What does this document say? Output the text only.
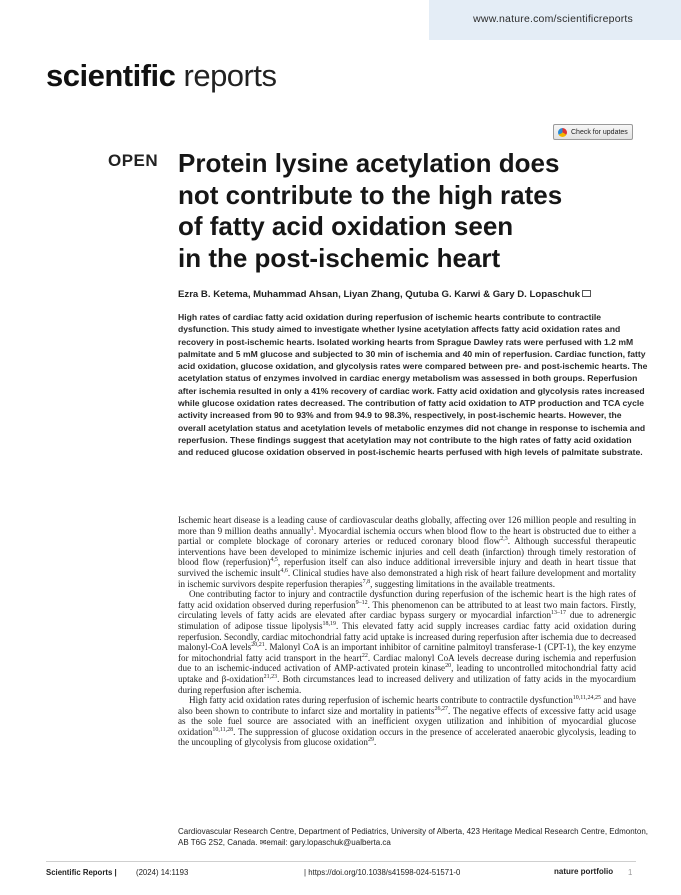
www.nature.com/scientificreports
scientific reports
Check for updates
OPEN Protein lysine acetylation does
not contribute to the high rates
of fatty acid oxidation seen
in the post-ischemic heart
Ezra B. Ketema, Muhammad Ahsan, Liyan Zhang, Qutuba G. Karwi & Gary D. Lopaschuk

High rates of cardiac fatty acid oxidation during reperfusion of ischemic hearts contribute to contractile dysfunction. This study aimed to investigate whether lysine acetylation affects fatty acid oxidation rates and recovery in post-ischemic hearts. Isolated working hearts from Sprague Dawley rats were perfused with 1.2 mM palmitate and 5 mM glucose and subjected to 30 min of ischemia and 40 min of reperfusion. Cardiac function, fatty acid oxidation, glucose oxidation, and glycolysis rates were compared between pre- and post-ischemic hearts. The acetylation status of enzymes involved in cardiac energy metabolism was assessed in both groups. Reperfusion after ischemia resulted in only a 41% recovery of cardiac work. Fatty acid oxidation and glycolysis rates increased while glucose oxidation rates decreased. The contribution of fatty acid oxidation to ATP production and TCA cycle activity increased from 90 to 93% and from 94.9 to 98.3%, respectively, in post-ischemic hearts. However, the overall acetylation status and acetylation levels of metabolic enzymes did not change in response to ischemia and reperfusion. These findings suggest that acetylation may not contribute to the high rates of fatty acid oxidation and reduced glucose oxidation observed in post-ischemic hearts perfused with high levels of palmitate substrate.

Ischemic heart disease is a leading cause of cardiovascular deaths globally, affecting over 126 million people and resulting in more than 9 million deaths annually$^1$. Myocardial ischemia occurs when blood flow to the heart is obstructed due to either a partial or complete blockage of coronary arteries or reduced coronary blood flow$^{2,3}$. Although successful therapeutic interventions have been developed to minimize ischemic injuries and cell death (infarction) through timely restoration of blood flow (reperfusion)$^{4,5}$, reperfusion itself can also induce additional irreversible injury and death in heart tissue that survived the ischemic insult$^{4,6}$. Clinical studies have also demonstrated a high risk of heart failure development and mortality in ischemic survivors despite reperfusion therapies$^{7,8}$, suggesting limitations in the available treatments.

One contributing factor to injury and contractile dysfunction during reperfusion of the ischemic heart is the high rates of fatty acid oxidation observed during reperfusion$^{9-12}$. This phenomenon can be attributed to at least two main factors. Firstly, circulating levels of fatty acids are elevated after cardiac bypass surgery or myocardial infarction$^{13-17}$ due to adrenergic stimulation of adipose tissue lipolysis$^{18,19}$. This elevated fatty acid supply increases cardiac fatty acid oxidation during reperfusion. Secondly, cardiac mitochondrial fatty acid uptake is increased during reperfusion after ischemia due to decreased malonyl-CoA levels$^{20,21}$. Malonyl CoA is an important inhibitor of carnitine palmitoyl transferase-1 (CPT-1), the key enzyme for mitochondrial fatty acid transport in the heart$^{22}$. Cardiac malonyl CoA levels decrease during ischemia and reperfusion due to an ischemic-induced activation of AMP-activated protein kinase$^{20}$, leading to uncontrolled mitochondrial fatty acid uptake and β-oxidation$^{21,23}$. Both circumstances lead to increased delivery and utilization of fatty acids in the myocardium during reperfusion after ischemia.

High fatty acid oxidation rates during reperfusion of ischemic hearts contribute to contractile dysfunction$^{10,11,24,25}$ and have also been shown to contribute to infarct size and mortality in patients$^{26,27}$. The negative effects of excessive fatty acid usage as the sole fuel source are associated with an inefficient oxygen utilization and inhibition of myocardial glucose oxidation$^{10,11,28}$. The suppression of glucose oxidation occurs in the presence of accelerated anaerobic glycolysis, leading to the uncoupling of glycolysis from glucose oxidation$^{29}$.

Cardiovascular Research Centre, Department of Pediatrics, University of Alberta, 423 Heritage Medical Research Centre, Edmonton, AB T6G 2S2, Canada. ✉email: gary.lopaschuk@ualberta.ca

Scientific Reports | (2024) 14:1193	| https://doi.org/10.1038/s41598-024-51571-0	nature portfolio 1
